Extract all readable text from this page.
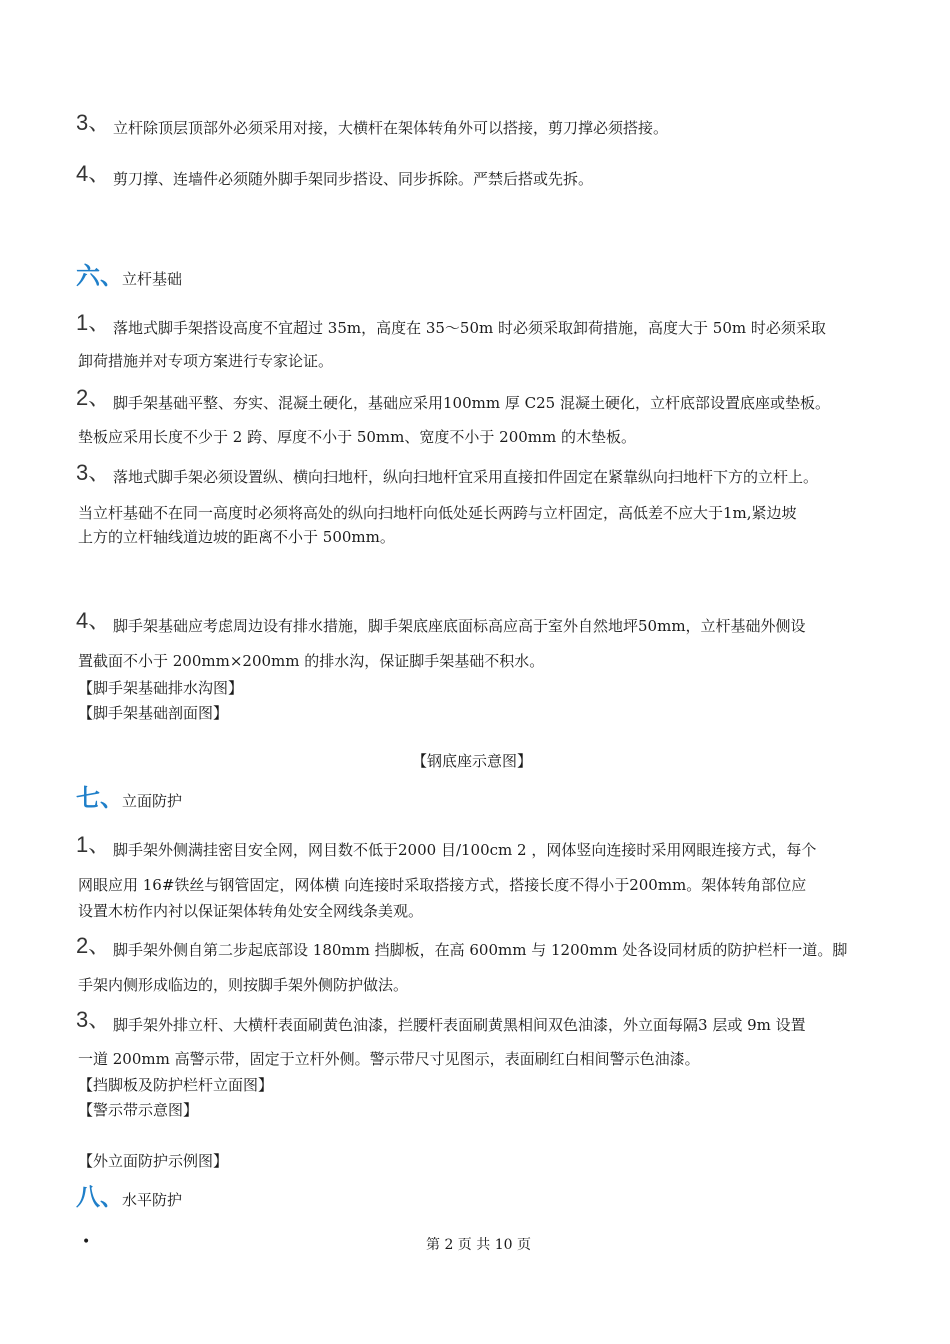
3、 立杆除顶层顶部外必须采用对接，大横杆在架体转角外可以搭接，剪刀撑必须搭接。
4、 剪刀撑、连墙件必须随外脚手架同步搭设、同步拆除。严禁后搭或先拆。
六、
立杆基础
1、 落地式脚手架搭设高度不宜超过 35m，高度在 35～50m 时必须采取卸荷措施，高度大于 50m 时必须采取
卸荷措施并对专项方案进行专家论证。
2、 脚手架基础平整、夯实、混凝土硬化，基础应采用100mm 厚 C25 混凝土硬化，立杆底部设置底座或垫板。
垫板应采用长度不少于 2 跨、厚度不小于 50mm、宽度不小于 200mm 的木垫板。
3、 落地式脚手架必须设置纵、横向扫地杆，纵向扫地杆宜采用直接扣件固定在紧靠纵向扫地杆下方的立杆上。
当立杆基础不在同一高度时必须将高处的纵向扫地杆向低处延长两跨与立杆固定，高低差不应大于1m,紧边坡
上方的立杆轴线道边坡的距离不小于 500mm。
4、 脚手架基础应考虑周边设有排水措施，脚手架底座底面标高应高于室外自然地坪50mm，立杆基础外侧设
置截面不小于 200mm×200mm 的排水沟，保证脚手架基础不积水。
【脚手架基础排水沟图】
【脚手架基础剖面图】
【钢底座示意图】
七、
立面防护
1、 脚手架外侧满挂密目安全网，网目数不低于2000 目/100cm 2 ，网体竖向连接时采用网眼连接方式，每个
网眼应用 16#铁丝与钢管固定，网体横 向连接时采取搭接方式，搭接长度不得小于200mm。架体转角部位应
设置木枋作内衬以保证架体转角处安全网线条美观。
2、 脚手架外侧自第二步起底部设 180mm 挡脚板，在高 600mm 与 1200mm 处各设同材质的防护栏杆一道。脚
手架内侧形成临边的，则按脚手架外侧防护做法。
3、 脚手架外排立杆、大横杆表面刷黄色油漆，拦腰杆表面刷黄黑相间双色油漆，外立面每隔3 层或 9m 设置
一道 200mm 高警示带，固定于立杆外侧。警示带尺寸见图示，表面刷红白相间警示色油漆。
【挡脚板及防护栏杆立面图】
【警示带示意图】
【外立面防护示例图】
八、
水平防护
•	第 2 页 共 10 页
